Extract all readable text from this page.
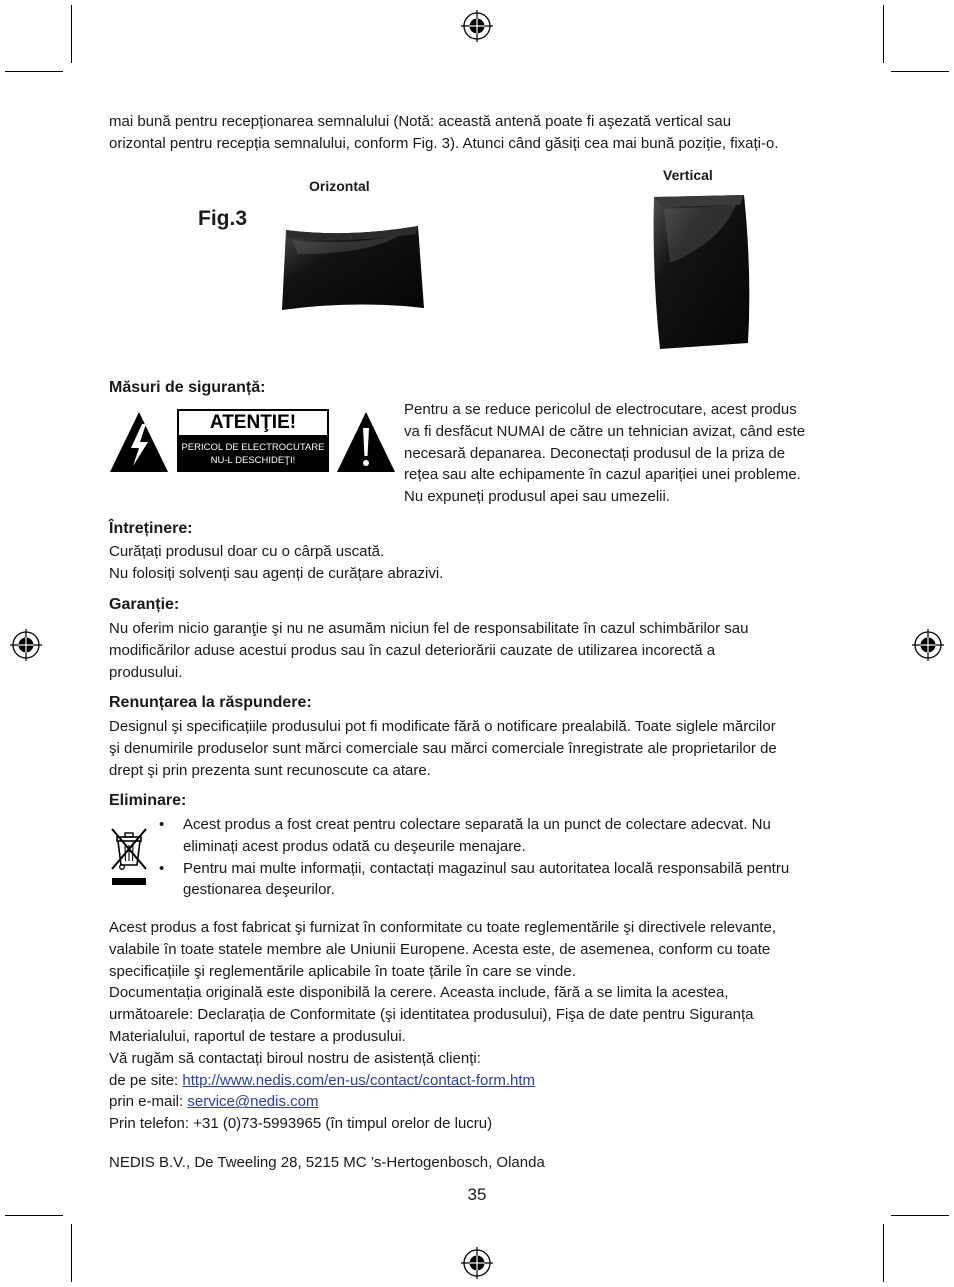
mai bună pentru recepționarea semnalului (Notă: această antenă poate fi aşezată vertical sau
orizontal pentru recepția semnalului, conform Fig. 3). Atunci când găsiți cea mai bună poziție, fixați-o.
Fig.3
Orizontal
Vertical
Măsuri de siguranță:
ATENŢIE!
PERICOL DE ELECTROCUTARE
NU-L DESCHIDEŢI!
Pentru a se reduce pericolul de electrocutare, acest produs
va fi desfăcut NUMAI de către un tehnician avizat, când este
necesară depanarea. Deconectați produsul de la priza de
rețea sau alte echipamente în cazul apariției unei probleme.
Nu expuneți produsul apei sau umezelii.
Întreținere:
Curățați produsul doar cu o cârpă uscată.
Nu folosiți solvenți sau agenți de curățare abrazivi.
Garanție:
Nu oferim nicio garanţie şi nu ne asumăm niciun fel de responsabilitate în cazul schimbărilor sau
modificărilor aduse acestui produs sau în cazul deteriorării cauzate de utilizarea incorectă a
produsului.
Renunțarea la răspundere:
Designul şi specificațiile produsului pot fi modificate fără o notificare prealabilă. Toate siglele mărcilor
şi denumirile produselor sunt mărci comerciale sau mărci comerciale înregistrate ale proprietarilor de
drept şi prin prezenta sunt recunoscute ca atare.
Eliminare:
• Acest produs a fost creat pentru colectare separată la un punct de colectare adecvat. Nu
eliminați acest produs odată cu deşeurile menajare.
• Pentru mai multe informații, contactați magazinul sau autoritatea locală responsabilă pentru
gestionarea deşeurilor.
Acest produs a fost fabricat şi furnizat în conformitate cu toate reglementările şi directivele relevante,
valabile în toate statele membre ale Uniunii Europene. Acesta este, de asemenea, conform cu toate
specificațiile şi reglementările aplicabile în toate țările în care se vinde.
Documentația originală este disponibilă la cerere. Aceasta include, fără a se limita la acestea,
următoarele: Declarația de Conformitate (şi identitatea produsului), Fişa de date pentru Siguranța
Materialului, raportul de testare a produsului.
Vă rugăm să contactați biroul nostru de asistență clienți:
de pe site: http://www.nedis.com/en-us/contact/contact-form.htm
prin e-mail: service@nedis.com
Prin telefon: +31 (0)73-5993965 (în timpul orelor de lucru)
NEDIS B.V., De Tweeling 28, 5215 MC ’s-Hertogenbosch, Olanda
35
